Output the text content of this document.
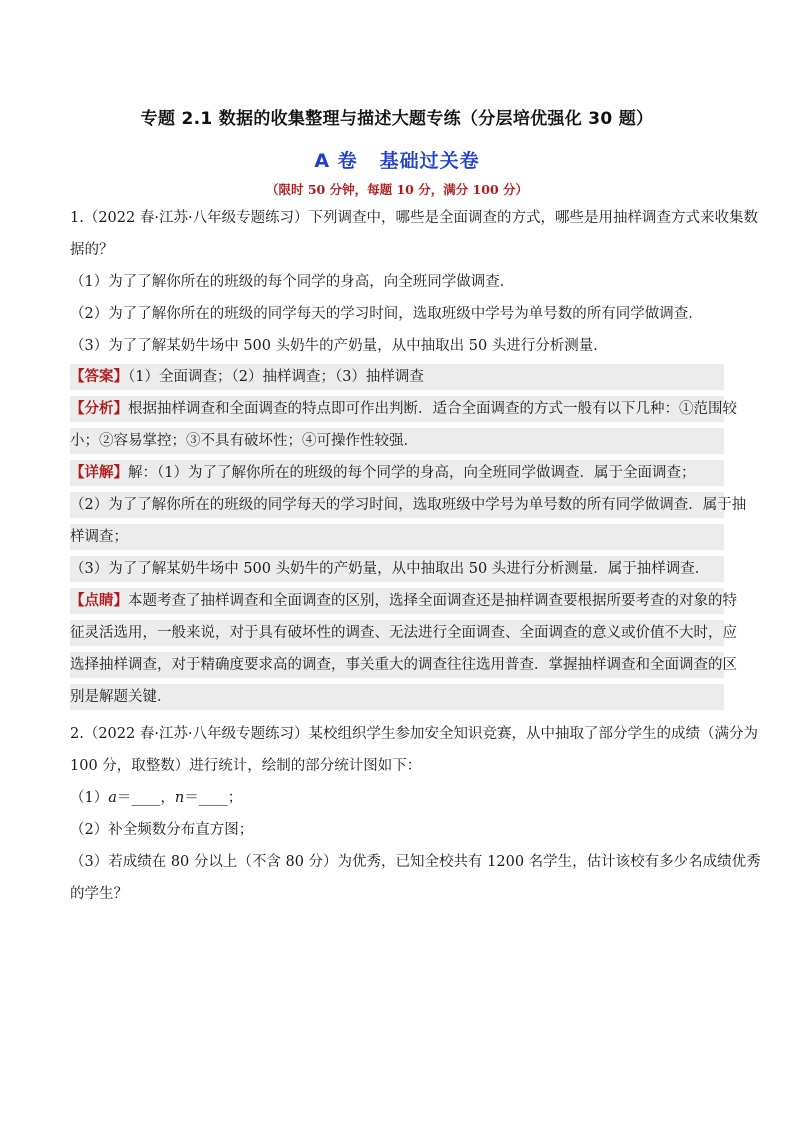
专题 2.1 数据的收集整理与描述大题专练（分层培优强化 30 题）
A 卷 基础过关卷
（限时 50 分钟，每题 10 分，满分 100 分）
1.（2022 春·江苏·八年级专题练习）下列调查中，哪些是全面调查的方式，哪些是用抽样调查方式来收集数
据的？
（1）为了了解你所在的班级的每个同学的身高，向全班同学做调查．
（2）为了了解你所在的班级的同学每天的学习时间，选取班级中学号为单号数的所有同学做调查．
（3）为了了解某奶牛场中 500 头奶牛的产奶量，从中抽取出 50 头进行分析测量．
【答案】（1）全面调查；（2）抽样调查；（3）抽样调查
【分析】根据抽样调查和全面调查的特点即可作出判断．适合全面调查的方式一般有以下几种：①范围较
小；②容易掌控；③不具有破坏性；④可操作性较强．
【详解】解：（1）为了了解你所在的班级的每个同学的身高，向全班同学做调查．属于全面调查；
（2）为了了解你所在的班级的同学每天的学习时间，选取班级中学号为单号数的所有同学做调查．属于抽
样调查；
（3）为了了解某奶牛场中 500 头奶牛的产奶量，从中抽取出 50 头进行分析测量．属于抽样调查．
【点睛】本题考查了抽样调查和全面调查的区别，选择全面调查还是抽样调查要根据所要考查的对象的特
征灵活选用，一般来说，对于具有破坏性的调查、无法进行全面调查、全面调查的意义或价值不大时，应
选择抽样调查，对于精确度要求高的调查，事关重大的调查往往选用普查．掌握抽样调查和全面调查的区
别是解题关键．
2.（2022 春·江苏·八年级专题练习）某校组织学生参加安全知识竞赛，从中抽取了部分学生的成绩（满分为
100 分，取整数）进行统计，绘制的部分统计图如下：
（1）a＝____，n＝____；
（2）补全频数分布直方图；
（3）若成绩在 80 分以上（不含 80 分）为优秀，已知全校共有 1200 名学生，估计该校有多少名成绩优秀
的学生？
